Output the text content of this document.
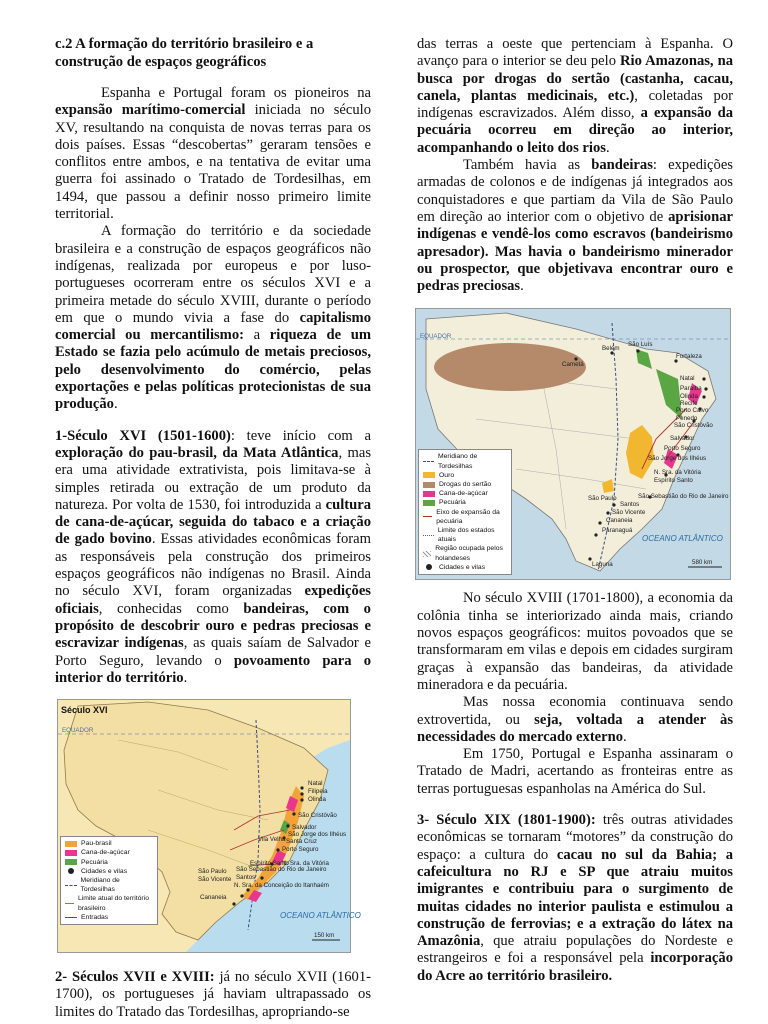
c.2 A formação do território brasileiro e a construção de espaços geográficos

Espanha e Portugal foram os pioneiros na expansão marítimo-comercial iniciada no século XV, resultando na conquista de novas terras para os dois países. Essas “descobertas” geraram tensões e conflitos entre ambos, e na tentativa de evitar uma guerra foi assinado o Tratado de Tordesilhas, em 1494, que passou a definir nosso primeiro limite territorial.

A formação do território e da sociedade brasileira e a construção de espaços geográficos não indígenas, realizada por europeus e por luso-portugueses ocorreram entre os séculos XVI e a primeira metade do século XVIII, durante o período em que o mundo vivia a fase do capitalismo comercial ou mercantilismo: a riqueza de um Estado se fazia pelo acúmulo de metais preciosos, pelo desenvolvimento do comércio, pelas exportações e pelas políticas protecionistas de sua produção.

1-Século XVI (1501-1600): teve início com a exploração do pau-brasil, da Mata Atlântica, mas era uma atividade extrativista, pois limitava-se à simples retirada ou extração de um produto da natureza. Por volta de 1530, foi introduzida a cultura de cana-de-açúcar, seguida do tabaco e a criação de gado bovino. Essas atividades econômicas foram as responsáveis pela construção dos primeiros espaços geográficos não indígenas no Brasil. Ainda no século XVI, foram organizadas expedições oficiais, conhecidas como bandeiras, com o propósito de descobrir ouro e pedras preciosas e escravizar indígenas, as quais saíam de Salvador e Porto Seguro, levando o povoamento para o interior do território.

OCEANO ATLÂNTICO
Século XVI
EQUADOR
150 km
Natal
Filipeia
Olinda
São Cristóvão
Salvador
São Jorge dos Ilhéus
Santa Cruz
Porto Seguro
N. Sra. da Vitória
Vila Velha
Espírito Santo
São Vicente Santos
São Sebastião do Rio de Janeiro
N. Sra. da Conceição do Itanhaém
Cananeia
São Paulo
Pau-brasil
Cana-de-açúcar
Pecuária
Cidades e vilas
Meridiano de Tordesilhas
Limite atual do território brasileiro
Entradas

2- Séculos XVII e XVIII: já no século XVII (1601-1700), os portugueses já haviam ultrapassado os limites do Tratado das Tordesilhas, apropriando-se

das terras a oeste que pertenciam à Espanha. O avanço para o interior se deu pelo Rio Amazonas, na busca por drogas do sertão (castanha, cacau, canela, plantas medicinais, etc.), coletadas por indígenas escravizados. Além disso, a expansão da pecuária ocorreu em direção ao interior, acompanhando o leito dos rios.

Também havia as bandeiras: expedições armadas de colonos e de indígenas já integrados aos conquistadores e que partiam da Vila de São Paulo em direção ao interior com o objetivo de aprisionar indígenas e vendê-los como escravos (bandeirismo apresador). Mas havia o bandeirismo minerador ou prospector, que objetivava encontrar ouro e pedras preciosas.

OCEANO ATLÂNTICO
EQUADOR
580 km
Belém
São Luís
Cametá
Fortaleza
Natal
Paraíba
Olinda
Recife
Porto Calvo
Penedo
São Cristóvão
Salvador
Porto Seguro
São Jorge dos Ilhéus
N. Sra. da Vitória
Espírito Santo
São Paulo
Santos
São Vicente
Cananeia
Paranaguá
Laguna
São Sebastião do Rio de Janeiro
Meridiano de Tordesilhas
Ouro
Drogas do sertão
Cana-de-açúcar
Pecuária
Eixo de expansão da pecuária
Limite dos estados atuais
Região ocupada pelos holandeses
Cidades e vilas

No século XVIII (1701-1800), a economia da colônia tinha se interiorizado ainda mais, criando novos espaços geográficos: muitos povoados que se transformaram em vilas e depois em cidades surgiram graças à expansão das bandeiras, da atividade mineradora e da pecuária.

Mas nossa economia continuava sendo extrovertida, ou seja, voltada a atender às necessidades do mercado externo.

Em 1750, Portugal e Espanha assinaram o Tratado de Madri, acertando as fronteiras entre as terras portuguesas espanholas na América do Sul.

3- Século XIX (1801-1900): três outras atividades econômicas se tornaram “motores” da construção do espaço: a cultura do cacau no sul da Bahia; a cafeicultura no RJ e SP que atraiu muitos imigrantes e contribuiu para o surgimento de muitas cidades no interior paulista e estimulou a construção de ferrovias; e a extração do látex na Amazônia, que atraiu populações do Nordeste e estrangeiros e foi a responsável pela incorporação do Acre ao território brasileiro.
